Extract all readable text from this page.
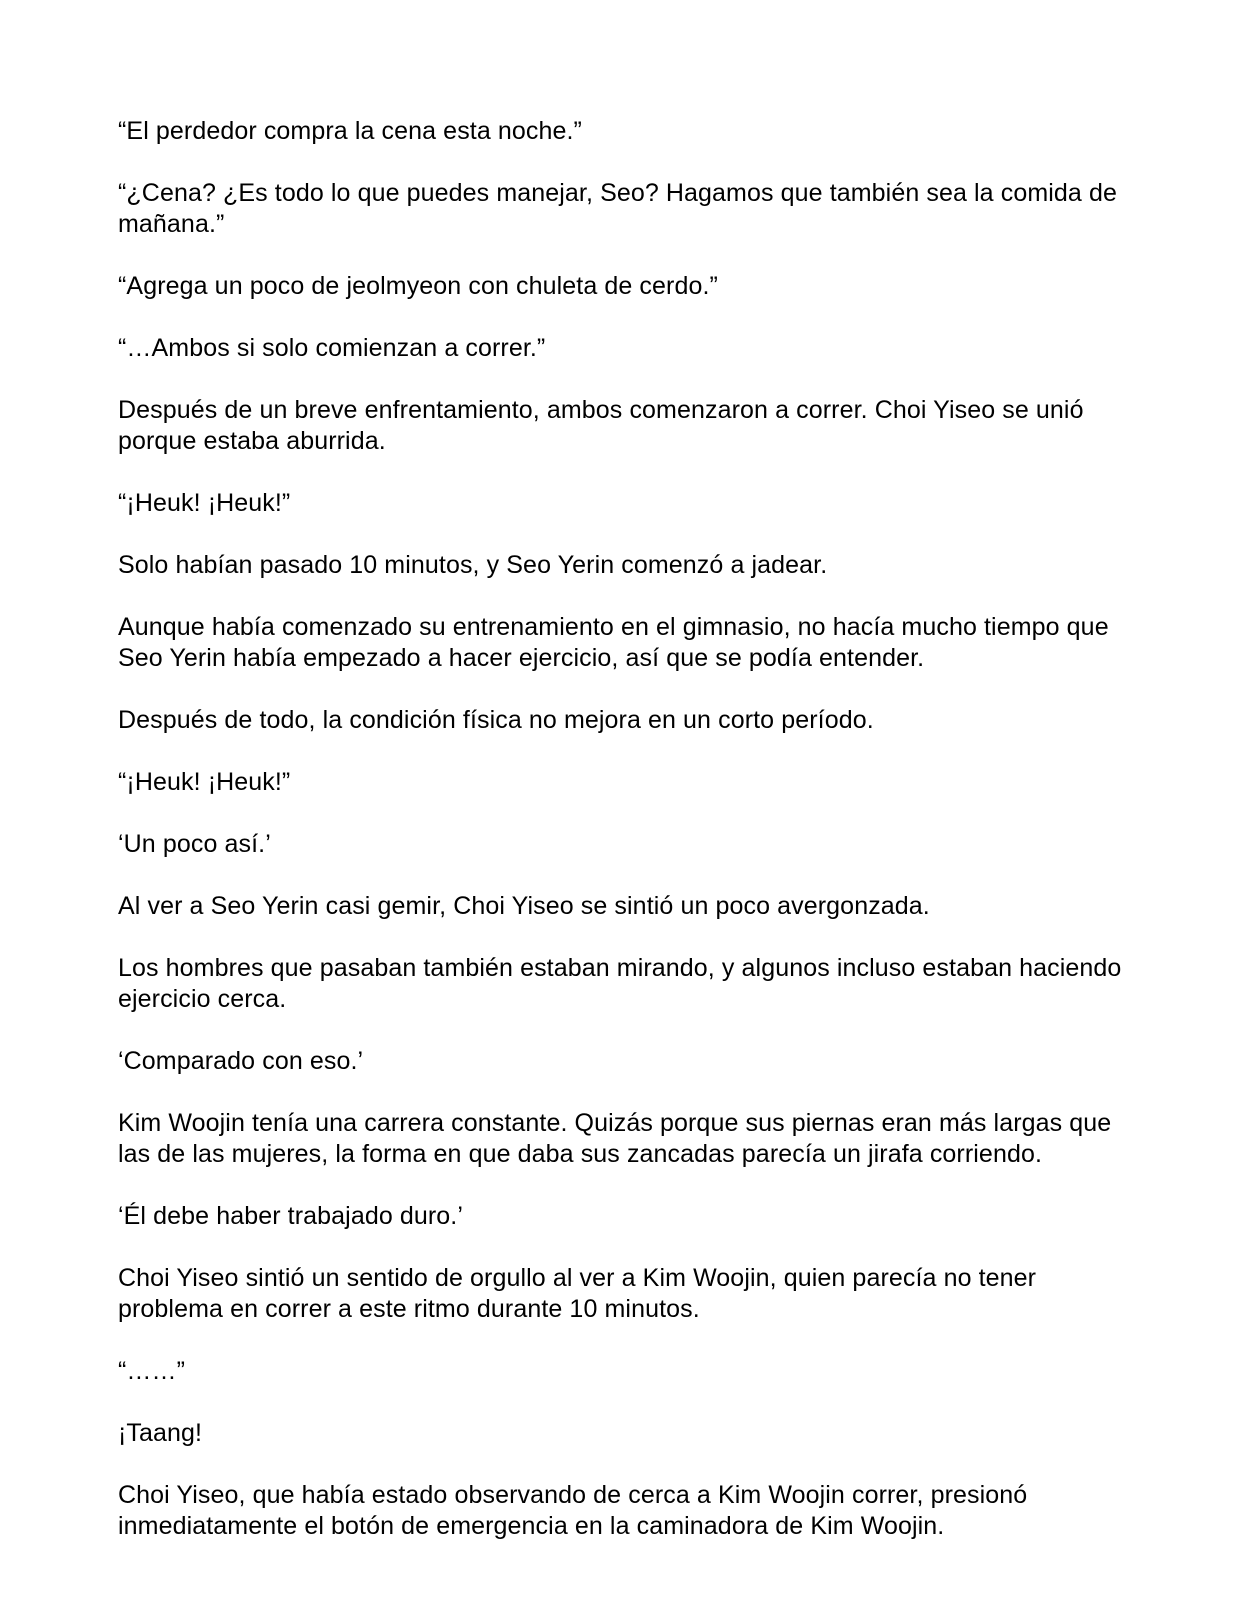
“El perdedor compra la cena esta noche.”

“¿Cena? ¿Es todo lo que puedes manejar, Seo? Hagamos que también sea la comida de mañana.”

“Agrega un poco de jeolmyeon con chuleta de cerdo.”

“…Ambos si solo comienzan a correr.”

Después de un breve enfrentamiento, ambos comenzaron a correr. Choi Yiseo se unió porque estaba aburrida.

“¡Heuk! ¡Heuk!”

Solo habían pasado 10 minutos, y Seo Yerin comenzó a jadear.

Aunque había comenzado su entrenamiento en el gimnasio, no hacía mucho tiempo que Seo Yerin había empezado a hacer ejercicio, así que se podía entender.

Después de todo, la condición física no mejora en un corto período.

“¡Heuk! ¡Heuk!”

‘Un poco así.’

Al ver a Seo Yerin casi gemir, Choi Yiseo se sintió un poco avergonzada.

Los hombres que pasaban también estaban mirando, y algunos incluso estaban haciendo ejercicio cerca.

‘Comparado con eso.’

Kim Woojin tenía una carrera constante. Quizás porque sus piernas eran más largas que las de las mujeres, la forma en que daba sus zancadas parecía un jirafa corriendo.

‘Él debe haber trabajado duro.’

Choi Yiseo sintió un sentido de orgullo al ver a Kim Woojin, quien parecía no tener problema en correr a este ritmo durante 10 minutos.

“……”

¡Taang!

Choi Yiseo, que había estado observando de cerca a Kim Woojin correr, presionó inmediatamente el botón de emergencia en la caminadora de Kim Woojin.
